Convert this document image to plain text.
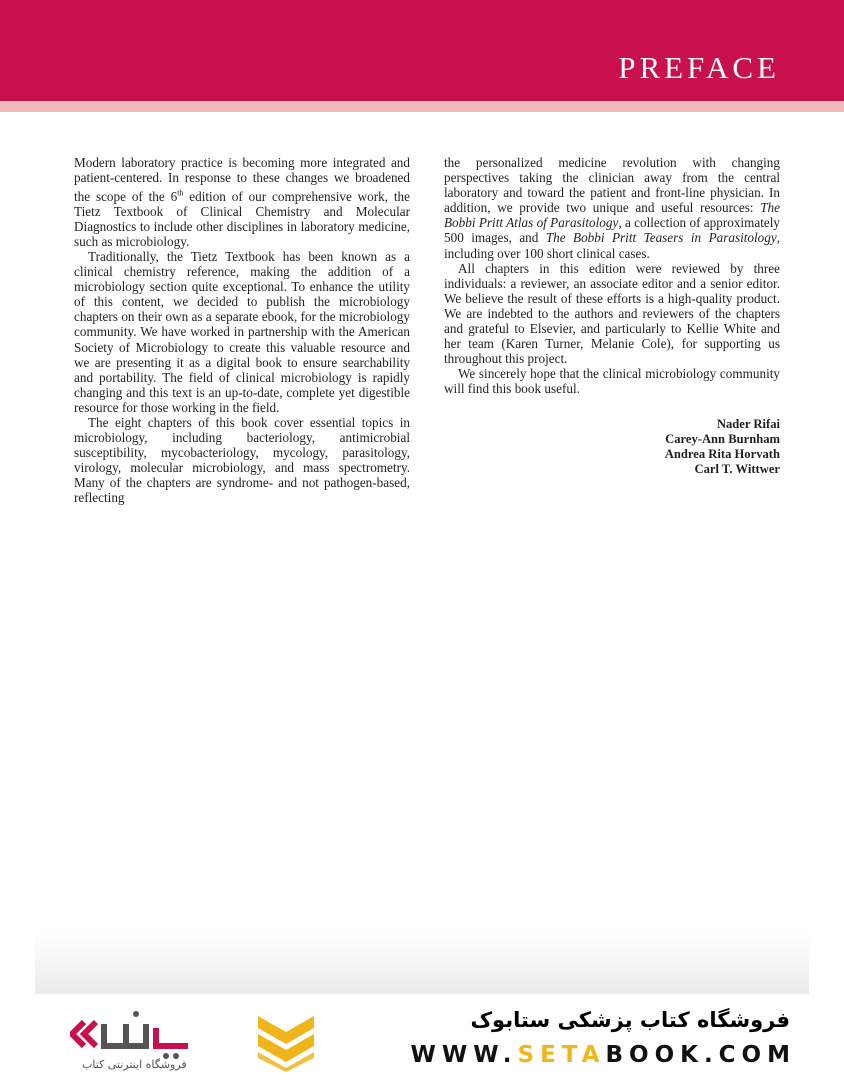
PREFACE

Modern laboratory practice is becoming more integrated and patient-centered. In response to these changes we broadened the scope of the 6th edition of our comprehensive work, the Tietz Textbook of Clinical Chemistry and Molecular Diagnostics to include other disciplines in laboratory medicine, such as microbiology.

Traditionally, the Tietz Textbook has been known as a clinical chemistry reference, making the addition of a microbiology section quite exceptional. To enhance the utility of this content, we decided to publish the microbiology chapters on their own as a separate ebook, for the microbiology community. We have worked in partnership with the American Society of Microbiology to create this valuable resource and we are presenting it as a digital book to ensure searchability and portability. The field of clinical microbiology is rapidly changing and this text is an up-to-date, complete yet digestible resource for those working in the field.

The eight chapters of this book cover essential topics in microbiology, including bacteriology, antimicrobial susceptibility, mycobacteriology, mycology, parasitology, virology, molecular microbiology, and mass spectrometry. Many of the chapters are syndrome- and not pathogen-based, reflecting

the personalized medicine revolution with changing perspectives taking the clinician away from the central laboratory and toward the patient and front-line physician. In addition, we provide two unique and useful resources: The Bobbi Pritt Atlas of Parasitology, a collection of approximately 500 images, and The Bobbi Pritt Teasers in Parasitology, including over 100 short clinical cases.

All chapters in this edition were reviewed by three individuals: a reviewer, an associate editor and a senior editor. We believe the result of these efforts is a high-quality product. We are indebted to the authors and reviewers of the chapters and grateful to Elsevier, and particularly to Kellie White and her team (Karen Turner, Melanie Cole), for supporting us throughout this project.

We sincerely hope that the clinical microbiology community will find this book useful.

Nader Rifai
Carey-Ann Burnham
Andrea Rita Horvath
Carl T. Wittwer
فروشگاه اینترنتی کتاب
فروشگاه کتاب پزشکی ستابوک
WWW.SETABOOK.COM
